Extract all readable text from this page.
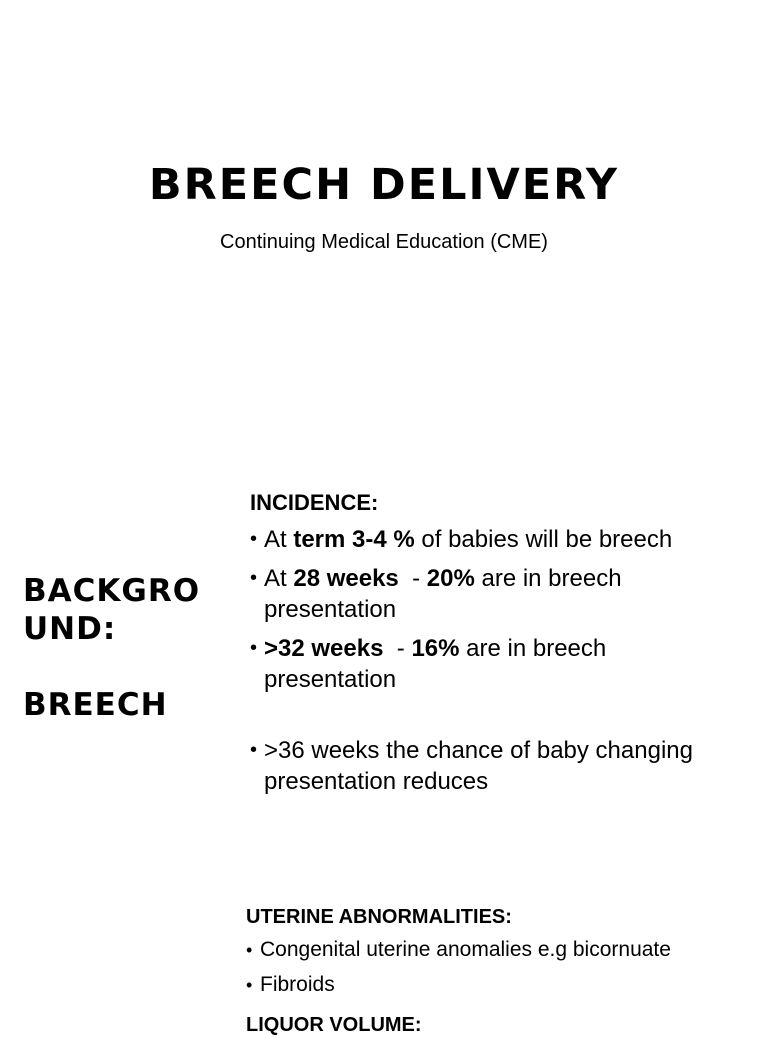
BREECH DELIVERY
Continuing Medical Education (CME)
BACKGRO
UND:
BREECH
INCIDENCE:
• At term 3-4 % of babies will be breech
• At 28 weeks  - 20% are in breech presentation
• >32 weeks  - 16% are in breech presentation
• >36 weeks the chance of baby changing presentation reduces
UTERINE ABNORMALITIES:
• Congenital uterine anomalies e.g bicornuate
• Fibroids
LIQUOR VOLUME:
